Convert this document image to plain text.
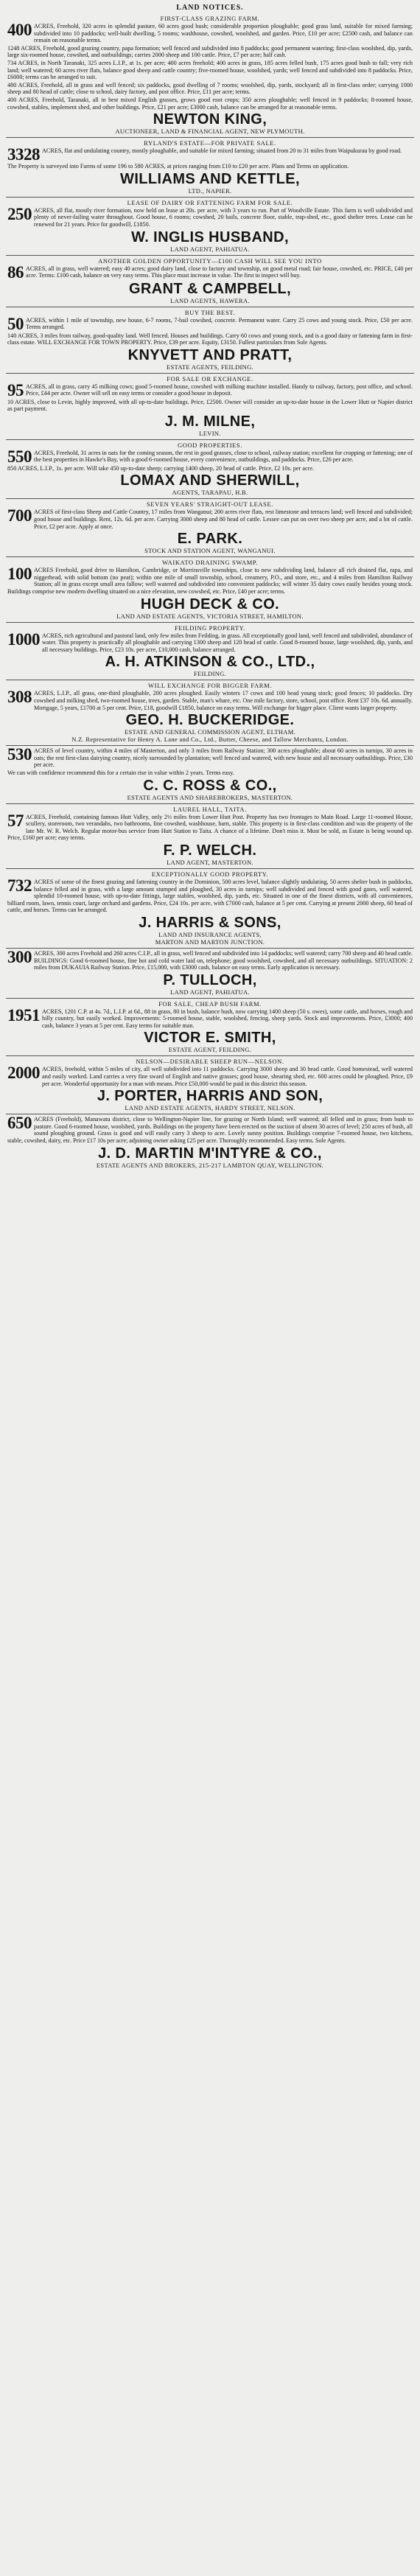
LAND NOTICES.
FIRST-CLASS GRAZING FARM.
400 ACRES, Freehold, 320 acres in splendid pasture, 60 acres good bush; considerable proportion ploughable; good grass land, suitable for mixed farming; subdivided into 10 paddocks; well-built dwelling, 5 rooms; washhouse, cowshed, woolshed, and garden. Price, £10 per acre; £2500 cash, and balance can remain on reasonable terms.
1248 ACRES, Freehold, good grazing country, papa formation; well fenced and subdivided into 8 paddocks; good permanent watering; first-class woolshed, dip, yards, large six-roomed house, cowshed, and outbuildings; carries 2000 sheep and 100 cattle. Price, £7 per acre; half cash.
734 ACRES, in North Taranaki, 325 acres L.I.P., at 1s. per acre; 400 acres freehold; 400 acres in grass, 185 acres felled bush, 175 acres good bush to fall; very rich land; well watered; 60 acres river flats, balance good sheep and cattle country; five-roomed house, woolshed, yards; well fenced and subdivided into 8 paddocks. Price, £6000; terms can be arranged to suit.
480 ACRES, Freehold, all in grass and well fenced; six paddocks, good dwelling of 7 rooms; woolshed, dip, yards, stockyard; all in first-class order; carrying 1000 sheep and 80 head of cattle; close to school, dairy factory, and post office. Price, £11 per acre; terms.
400 ACRES, Freehold, Taranaki, all in best mixed English grasses, grows good root crops; 350 acres ploughable; well fenced in 9 paddocks; 8-roomed house, cowshed, stables, implement shed, and other buildings. Price, £21 per acre; £3000 cash, balance can be arranged for at reasonable terms.
NEWTON KING,
AUCTIONEER, LAND & FINANCIAL AGENT, NEW PLYMOUTH.
RYLAND'S ESTATE—FOR PRIVATE SALE.
3328 ACRES, flat and undulating country, mostly ploughable, and suitable for mixed farming; situated from 20 to 31 miles from Waipukurau by good road.
The Property is surveyed into Farms of some 196 to 580 ACRES, at prices ranging from £10 to £20 per acre. Plans and Terms on application.
WILLIAMS AND KETTLE,
LTD., NAPIER.
LEASE OF DAIRY OR FATTENING FARM FOR SALE.
250 ACRES, all flat, mostly river formation, now held on lease at 20s. per acre, with 3 years to run. Part of Woodville Estate. This farm is well subdivided and plenty of never-failing water throughout. Good house, 6 rooms; cowshed, 20 bails, concrete floor, stable, trap-shed, etc., good shelter trees. Lease can be renewed for 21 years. Price for goodwill, £1850.
W. INGLIS HUSBAND,
LAND AGENT, PAHIATUA.
ANOTHER GOLDEN OPPORTUNITY—£100 CASH WILL SEE YOU INTO
86 ACRES, all in grass, well watered; easy 40 acres; good dairy land, close to factory and township, on good metal road; fair house, cowshed, etc. PRICE, £40 per acre. Terms: £100 cash, balance on very easy terms. This place must increase in value. The first to inspect will buy.
GRANT & CAMPBELL,
LAND AGENTS, HAWERA.
BUY THE BEST.
50 ACRES, within 1 mile of township, new house, 6-7 rooms, 7-bail cowshed, concrete. Permanent water. Carry 25 cows and young stock. Price, £50 per acre. Terms arranged.
140 ACRES, 3 miles from railway, good-quality land. Well fenced. Houses and buildings. Carry 60 cows and young stock, and is a good dairy or fattening farm in first-class estate. WILL EXCHANGE FOR TOWN PROPERTY. Price, £39 per acre. Equity, £3150. Fullest particulars from Sole Agents.
KNYVETT AND PRATT,
ESTATE AGENTS, FEILDING.
FOR SALE OR EXCHANGE.
95 ACRES, all in grass, carry 45 milking cows; good 5-roomed house, cowshed with milking machine installed. Handy to railway, factory, post office, and school. Price, £44 per acre. Owner will sell on easy terms or consider a good house in deposit.
10 ACRES, close to Levin, highly improved, with all up-to-date buildings. Price, £2500. Owner will consider an up-to-date house in the Lower Hutt or Napier district as part payment.
J. M. MILNE,
LEVIN.
GOOD PROPERTIES.
550 ACRES, Freehold, 31 acres in oats for the coming season, the rest in good grasses, close to school, railway station; excellent for cropping or fattening; one of the best properties in Hawke's Bay, with a good 6-roomed house, every convenience, outbuildings, and paddocks. Price, £26 per acre.
850 ACRES, L.I.P., 1s. per acre. Will take 450 up-to-date sheep; carrying 1400 sheep, 20 head of cattle. Price, £2 10s. per acre.
LOMAX AND SHERWILL,
AGENTS, TARAPAU, H.B.
SEVEN YEARS' STRAIGHT-OUT LEASE.
700 ACRES of first-class Sheep and Cattle Country, 17 miles from Wanganui; 200 acres river flats, rest limestone and terraces land; well fenced and subdivided; good house and buildings. Rent, 12s. 6d. per acre. Carrying 3000 sheep and 80 head of cattle. Lessee can put on over two sheep per acre, and a lot of cattle. Price, £2 per acre. Apply at once.
E. PARK.
STOCK AND STATION AGENT, WANGANUI.
WAIKATO DRAINING SWAMP.
100 ACRES Freehold, good drive to Hamilton, Cambridge, or Morrinsville townships, close to new subdividing land, balance all rich drained flat, rapa, and niggerhead, with solid bottom (no peat); within one mile of small township, school, creamery, P.O., and store, etc., and 4 miles from Hamilton Railway Station; all in grass except small area fallow; well watered and subdivided into convenient paddocks; will winter 35 dairy cows easily besides young stock. Buildings comprise new modern dwelling situated on a nice elevation, new cowshed, etc. Price, £40 per acre; terms.
HUGH DECK & CO.
LAND AND ESTATE AGENTS, VICTORIA STREET, HAMILTON.
FEILDING PROPERTY.
1000 ACRES, rich agricultural and pastoral land, only few miles from Feilding, in grass. All exceptionally good land, well fenced and subdivided, abundance of water. This property is practically all ploughable and carrying 1300 sheep and 120 head of cattle. Good 8-roomed house, large woolshed, dip, yards, and all necessary buildings. Price, £23 10s. per acre, £10,000 cash, balance arranged.
A. H. ATKINSON & CO., LTD.,
FEILDING.
WILL EXCHANGE FOR BIGGER FARM.
308 ACRES, L.I.P., all grass, one-third ploughable, 200 acres ploughed. Easily winters 17 cows and 100 head young stock; good fences; 10 paddocks. Dry cowshed and milking shed, two-roomed house, trees, garden. Stable, man's whare, etc. One mile factory, store, school, post office. Rent £37 10s. 6d. annually. Mortgage, 5 years, £1700 at 5 per cent. Price, £18, goodwill £1850, balance on easy terms. Will exchange for bigger place. Client wants larger property.
GEO. H. BUCKERIDGE.
ESTATE AND GENERAL COMMISSION AGENT, ELTHAM.
N.Z. Representative for Henry A. Lane and Co., Ltd., Butter, Cheese, and Tallow Merchants, London.
530 ACRES of level country, within 4 miles of Masterton, and only 3 miles from Railway Station; 300 acres ploughable; about 60 acres in turnips, 30 acres in oats; the rest first-class dairying country, nicely surrounded by plantation; well fenced and watered, with new house and all necessary outbuildings. Price, £30 per acre.
We can with confidence recommend this for a certain rise in value within 2 years. Terms easy.
C. C. ROSS & CO.,
ESTATE AGENTS AND SHAREBROKERS, MASTERTON.
LAUREL HALL, TAITA.
57 ACRES, Freehold, containing famous Hutt Valley, only 2½ miles from Lower Hutt Post. Property has two frontages to Main Road. Large 11-roomed House, scullery, storeroom, two verandahs, two bathrooms, fine cowshed, washhouse, barn, stable. This property is in first-class condition and was the property of the late Mr. W. R. Welch. Regular motor-bus service from Hutt Station to Taita. A chance of a lifetime. Don't miss it. Must be sold, as Estate is being wound up. Price, £160 per acre; easy terms.
F. P. WELCH.
LAND AGENT, MASTERTON.
EXCEPTIONALLY GOOD PROPERTY.
732 ACRES of some of the finest grazing and fattening country in the Dominion, 500 acres level, balance slightly undulating, 50 acres shelter bush in paddocks, balance felled and in grass, with a large amount stumped and ploughed, 30 acres in turnips; well subdivided and fenced with good gates, well watered, splendid 10-roomed house, with up-to-date fittings, large stables, woolshed, dip, yards, etc. Situated in one of the finest districts, with all conveniences, billiard room, lawn, tennis court, large orchard and gardens. Price, £24 10s. per acre, with £7000 cash, balance at 5 per cent. Carrying at present 2000 sheep, 60 head of cattle, and horses. Terms can be arranged.
J. HARRIS & SONS,
LAND AND INSURANCE AGENTS,
MARTON AND MARTON JUNCTION.
300 ACRES, 300 acres Freehold and 260 acres C.I.P., all in grass, well fenced and subdivided into 14 paddocks; well watered; carry 700 sheep and 40 head cattle. BUILDINGS: Good 6-roomed house, fine hot and cold water laid on, telephone; good woolshed, cowshed, and all necessary outbuildings. SITUATION: 2 miles from DUKAUIA Railway Station. Price, £15,000, with £3000 cash, balance on easy terms. Early application is necessary.
P. TULLOCH,
LAND AGENT, PAHIATUA.
FOR SALE, CHEAP BUSH FARM.
1951 ACRES, 1201 C.P. at 4s. 7d., L.I.P. at 6d., 88 in grass, 80 in bush, balance bush, now carrying 1400 sheep (50 s. owes), some cattle, and horses, rough and hilly country, but easily worked. Improvements: 5-roomed house, stable, woolshed, fencing, sheep yards. Stock and improvements. Price, £3000; 400 cash, balance 3 years at 5 per cent. Easy terms for suitable man.
VICTOR E. SMITH,
ESTATE AGENT, FEILDING.
NELSON—DESIRABLE SHEEP RUN—NELSON.
2000 ACRES, freehold, within 5 miles of city, all well subdivided into 11 paddocks. Carrying 3000 sheep and 30 head cattle. Good homestead, well watered and easily worked. Land carries a very fine sward of English and native grasses; good house, shearing shed, etc. 600 acres could be ploughed. Price, £9 per acre. Wonderful opportunity for a man with means. Price £50,000 would be paid in this district this season.
J. PORTER, HARRIS AND SON,
LAND AND ESTATE AGENTS, HARDY STREET, NELSON.
650 ACRES (Freehold), Manawatu district, close to Wellington-Napier line, for grazing or North Island; well watered; all felled and in grass; from bush to pasture. Good 6-roomed house, woolshed, yards. Buildings on the property have been erected on the suction of absent 30 acres of level; 250 acres of bush, all sound ploughing ground. Grass is good and will easily carry 3 sheep to acre. Lovely sunny position. Buildings comprise 7-roomed house, two kitchens, stable, cowshed, dairy, etc. Price £17 10s per acre; adjoining owner asking £25 per acre. Thoroughly recommended. Easy terms. Sole Agents.
J. D. MARTIN M'INTYRE & CO.,
ESTATE AGENTS AND BROKERS, 215-217 LAMBTON QUAY, WELLINGTON.
